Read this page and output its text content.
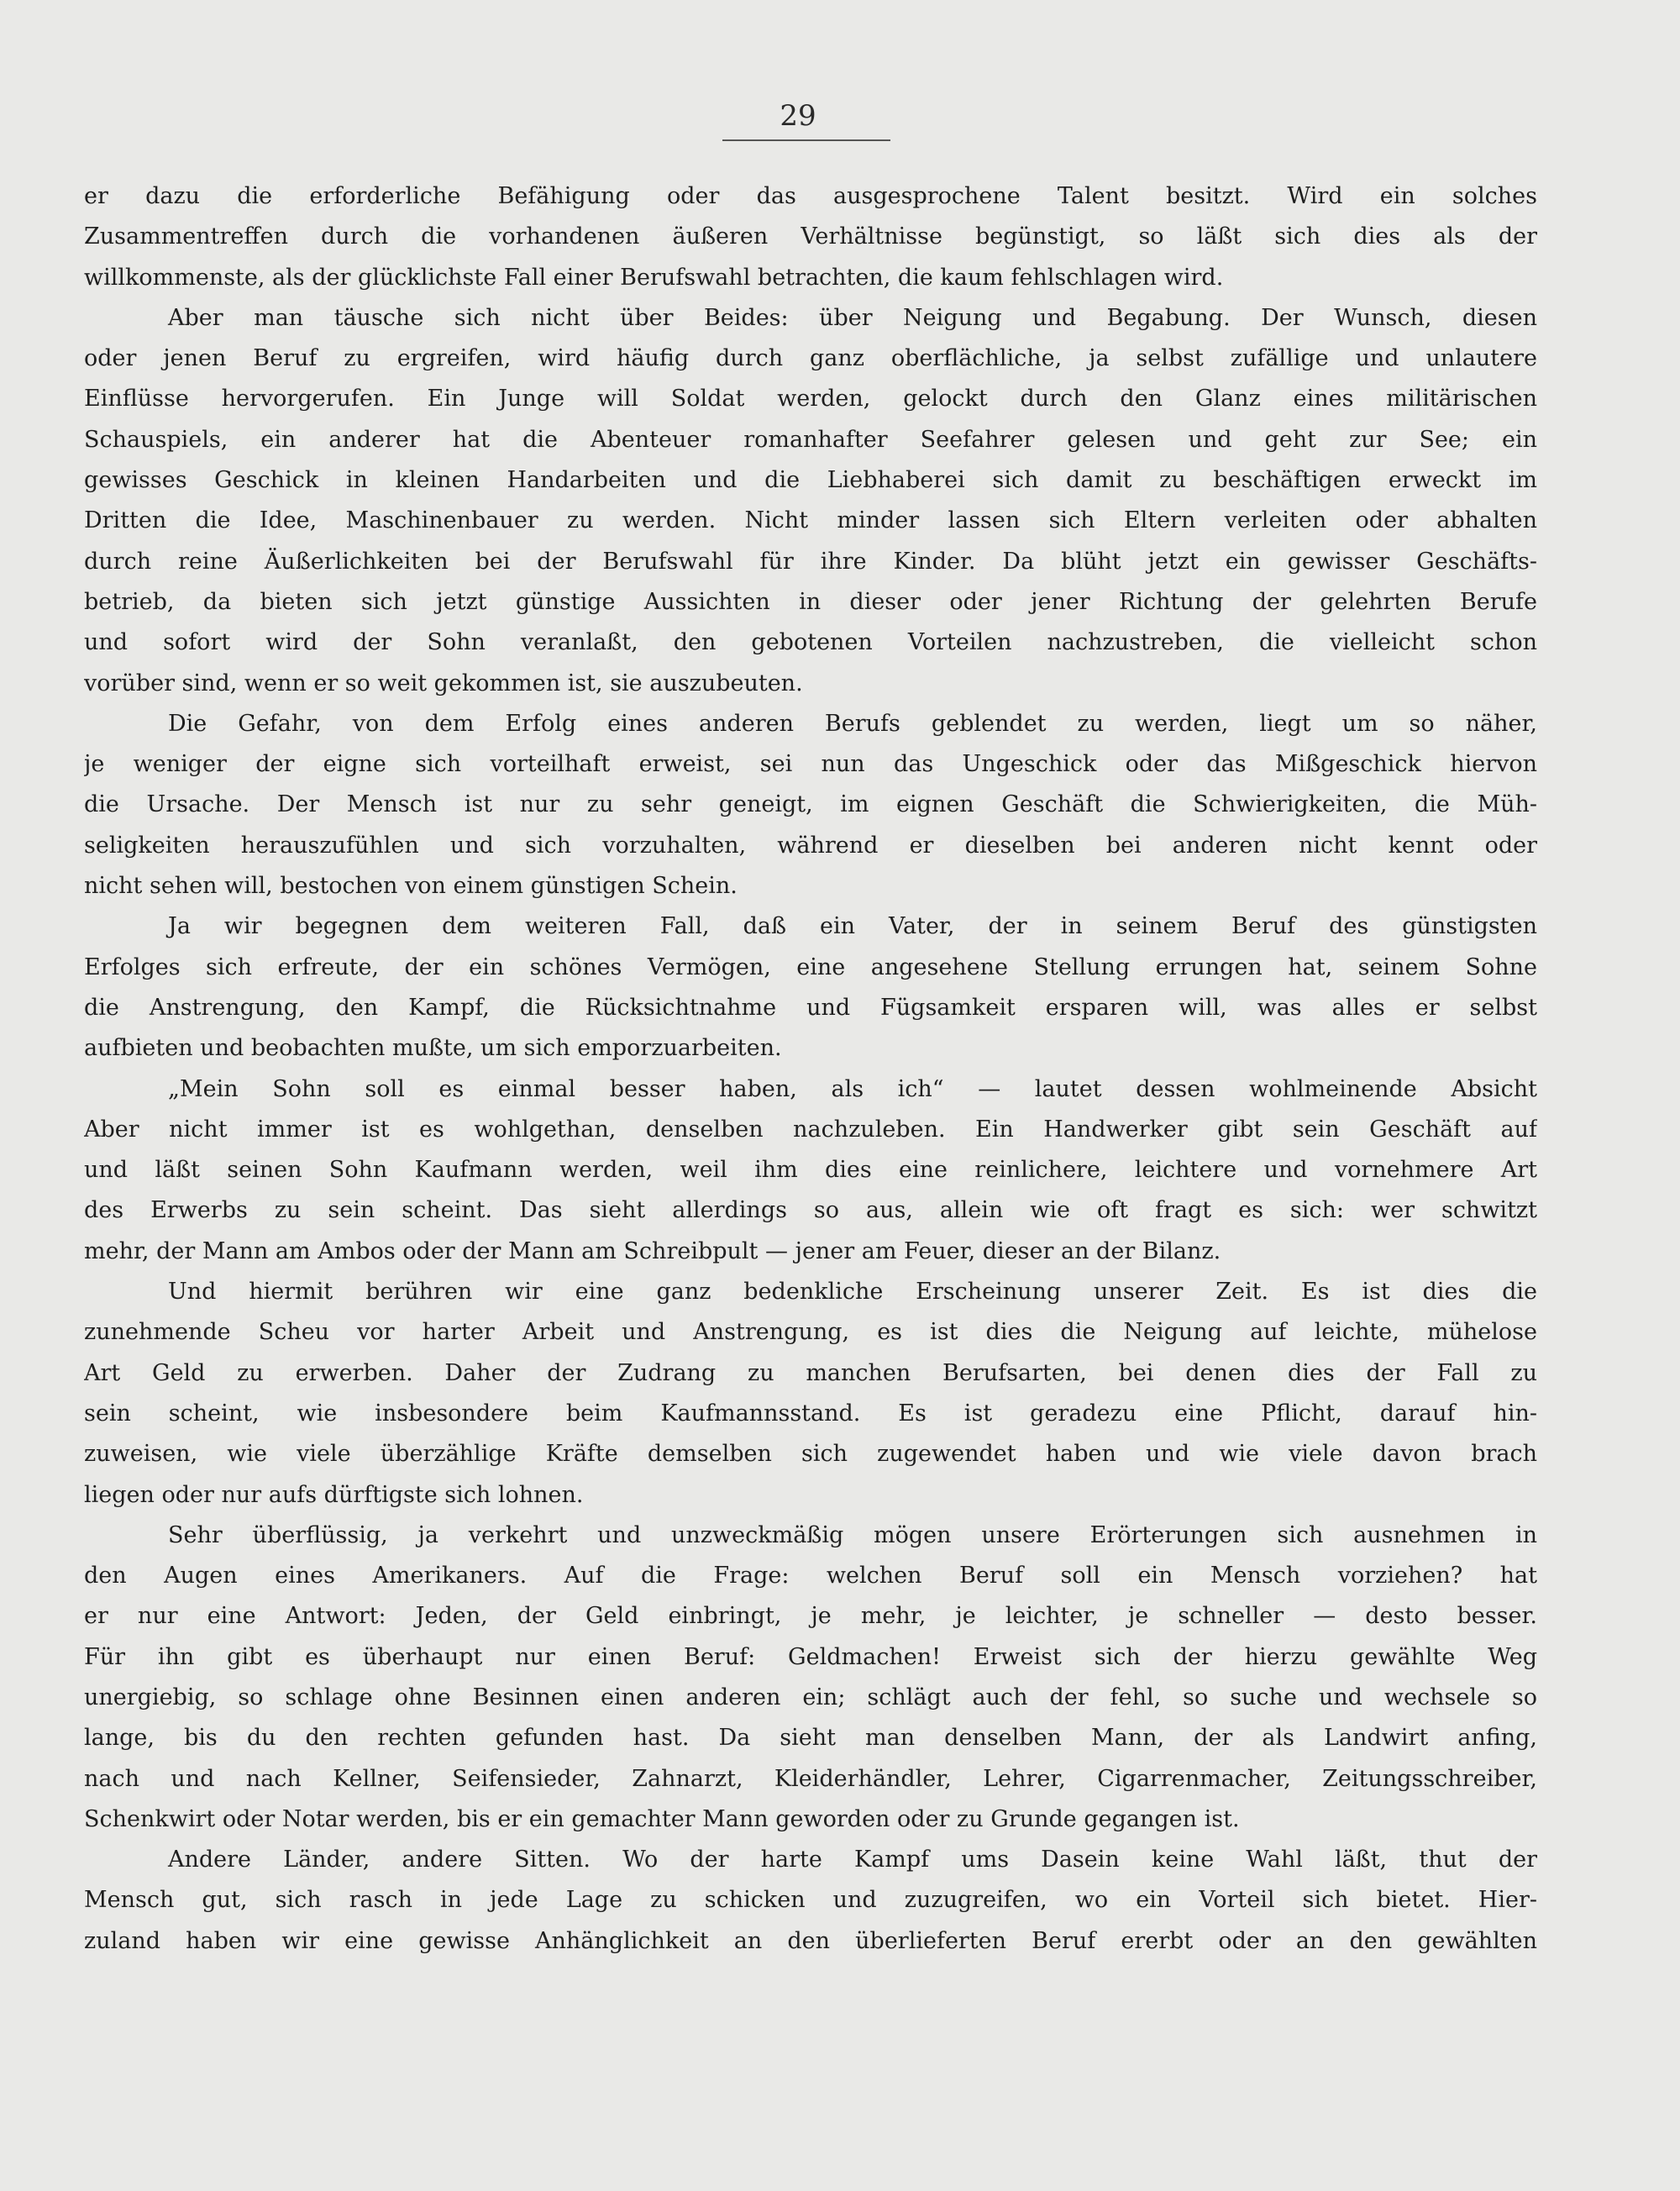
29
er dazu die erforderliche Befähigung oder das ausgesprochene Talent besitzt. Wird ein solches
Zusammentreffen durch die vorhandenen äußeren Verhältnisse begünstigt, so läßt sich dies als der
willkommenste, als der glücklichste Fall einer Berufswahl betrachten, die kaum fehlschlagen wird.
Aber man täusche sich nicht über Beides: über Neigung und Begabung. Der Wunsch, diesen
oder jenen Beruf zu ergreifen, wird häufig durch ganz oberflächliche, ja selbst zufällige und unlautere
Einflüsse hervorgerufen. Ein Junge will Soldat werden, gelockt durch den Glanz eines militärischen
Schauspiels, ein anderer hat die Abenteuer romanhafter Seefahrer gelesen und geht zur See; ein
gewisses Geschick in kleinen Handarbeiten und die Liebhaberei sich damit zu beschäftigen erweckt im
Dritten die Idee, Maschinenbauer zu werden. Nicht minder lassen sich Eltern verleiten oder abhalten
durch reine Äußerlichkeiten bei der Berufswahl für ihre Kinder. Da blüht jetzt ein gewisser Geschäfts-
betrieb, da bieten sich jetzt günstige Aussichten in dieser oder jener Richtung der gelehrten Berufe
und sofort wird der Sohn veranlaßt, den gebotenen Vorteilen nachzustreben, die vielleicht schon
vorüber sind, wenn er so weit gekommen ist, sie auszubeuten.
Die Gefahr, von dem Erfolg eines anderen Berufs geblendet zu werden, liegt um so näher,
je weniger der eigne sich vorteilhaft erweist, sei nun das Ungeschick oder das Mißgeschick hiervon
die Ursache. Der Mensch ist nur zu sehr geneigt, im eignen Geschäft die Schwierigkeiten, die Müh-
seligkeiten herauszufühlen und sich vorzuhalten, während er dieselben bei anderen nicht kennt oder
nicht sehen will, bestochen von einem günstigen Schein.
Ja wir begegnen dem weiteren Fall, daß ein Vater, der in seinem Beruf des günstigsten
Erfolges sich erfreute, der ein schönes Vermögen, eine angesehene Stellung errungen hat, seinem Sohne
die Anstrengung, den Kampf, die Rücksichtnahme und Fügsamkeit ersparen will, was alles er selbst
aufbieten und beobachten mußte, um sich emporzuarbeiten.
„Mein Sohn soll es einmal besser haben, als ich“ — lautet dessen wohlmeinende Absicht
Aber nicht immer ist es wohlgethan, denselben nachzuleben. Ein Handwerker gibt sein Geschäft auf
und läßt seinen Sohn Kaufmann werden, weil ihm dies eine reinlichere, leichtere und vornehmere Art
des Erwerbs zu sein scheint. Das sieht allerdings so aus, allein wie oft fragt es sich: wer schwitzt
mehr, der Mann am Ambos oder der Mann am Schreibpult — jener am Feuer, dieser an der Bilanz.
Und hiermit berühren wir eine ganz bedenkliche Erscheinung unserer Zeit. Es ist dies die
zunehmende Scheu vor harter Arbeit und Anstrengung, es ist dies die Neigung auf leichte, mühelose
Art Geld zu erwerben. Daher der Zudrang zu manchen Berufsarten, bei denen dies der Fall zu
sein scheint, wie insbesondere beim Kaufmannsstand. Es ist geradezu eine Pflicht, darauf hin-
zuweisen, wie viele überzählige Kräfte demselben sich zugewendet haben und wie viele davon brach
liegen oder nur aufs dürftigste sich lohnen.
Sehr überflüssig, ja verkehrt und unzweckmäßig mögen unsere Erörterungen sich ausnehmen in
den Augen eines Amerikaners. Auf die Frage: welchen Beruf soll ein Mensch vorziehen? hat
er nur eine Antwort: Jeden, der Geld einbringt, je mehr, je leichter, je schneller — desto besser.
Für ihn gibt es überhaupt nur einen Beruf: Geldmachen! Erweist sich der hierzu gewählte Weg
unergiebig, so schlage ohne Besinnen einen anderen ein; schlägt auch der fehl, so suche und wechsele so
lange, bis du den rechten gefunden hast. Da sieht man denselben Mann, der als Landwirt anfing,
nach und nach Kellner, Seifensieder, Zahnarzt, Kleiderhändler, Lehrer, Cigarrenmacher, Zeitungsschreiber,
Schenkwirt oder Notar werden, bis er ein gemachter Mann geworden oder zu Grunde gegangen ist.
Andere Länder, andere Sitten. Wo der harte Kampf ums Dasein keine Wahl läßt, thut der
Mensch gut, sich rasch in jede Lage zu schicken und zuzugreifen, wo ein Vorteil sich bietet. Hier-
zuland haben wir eine gewisse Anhänglichkeit an den überlieferten Beruf ererbt oder an den gewählten
